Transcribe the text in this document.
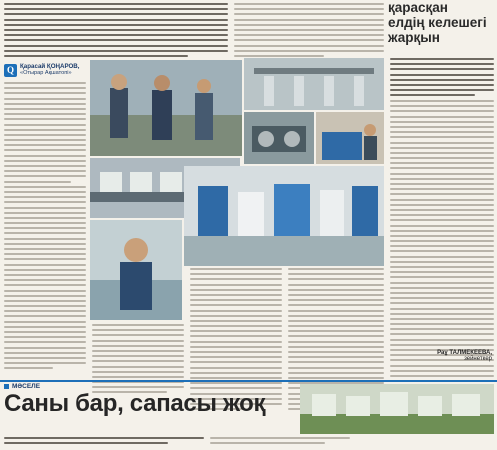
қарасқан
елдің келешегі
жарқын
Q Қарасай ҚОҢАРОВ,
«Отырар Ақшатопі»
Раұ ТАЛМЕКЕЕВА,
зейнеткер
МӘСЕЛЕ
Саны бар, сапасы жоқ
